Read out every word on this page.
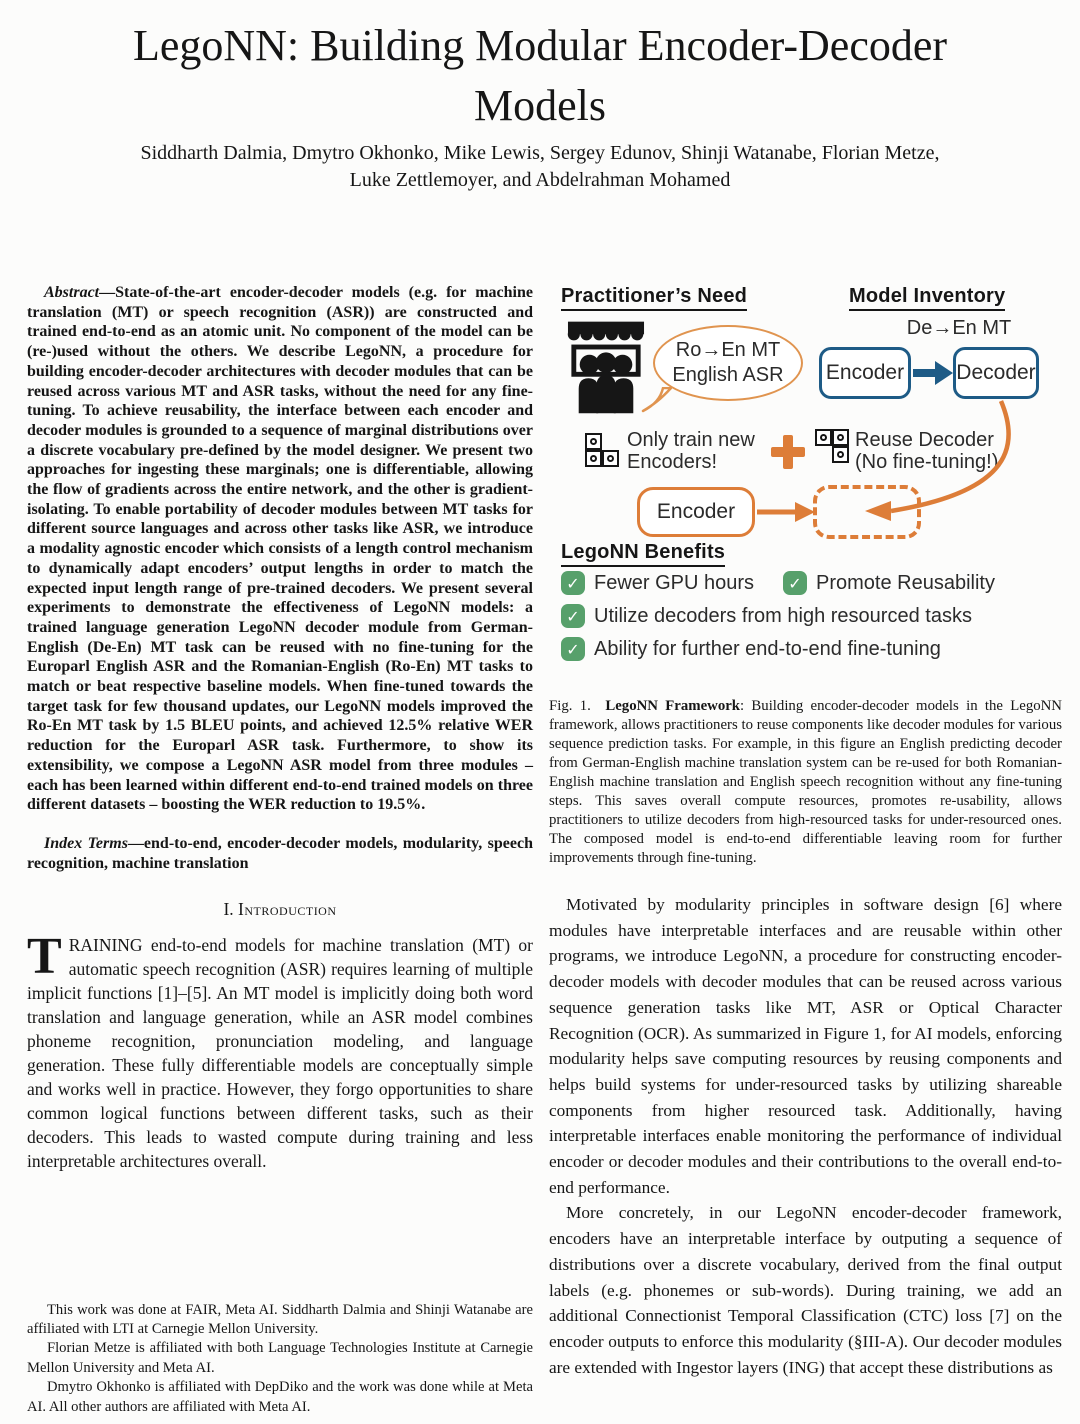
LegoNN: Building Modular Encoder-Decoder
Models
Siddharth Dalmia, Dmytro Okhonko, Mike Lewis, Sergey Edunov, Shinji Watanabe, Florian Metze,
Luke Zettlemoyer, and Abdelrahman Mohamed

Abstract—State-of-the-art encoder-decoder models (e.g. for machine translation (MT) or speech recognition (ASR)) are constructed and trained end-to-end as an atomic unit. No component of the model can be (re-)used without the others. We describe LegoNN, a procedure for building encoder-decoder architectures with decoder modules that can be reused across various MT and ASR tasks, without the need for any fine-tuning. To achieve reusability, the interface between each encoder and decoder modules is grounded to a sequence of marginal distributions over a discrete vocabulary pre-defined by the model designer. We present two approaches for ingesting these marginals; one is differentiable, allowing the flow of gradients across the entire network, and the other is gradient-isolating. To enable portability of decoder modules between MT tasks for different source languages and across other tasks like ASR, we introduce a modality agnostic encoder which consists of a length control mechanism to dynamically adapt encoders’ output lengths in order to match the expected input length range of pre-trained decoders. We present several experiments to demonstrate the effectiveness of LegoNN models: a trained language generation LegoNN decoder module from German-English (De-En) MT task can be reused with no fine-tuning for the Europarl English ASR and the Romanian-English (Ro-En) MT tasks to match or beat respective baseline models. When fine-tuned towards the target task for few thousand updates, our LegoNN models improved the Ro-En MT task by 1.5 BLEU points, and achieved 12.5% relative WER reduction for the Europarl ASR task. Furthermore, to show its extensibility, we compose a LegoNN ASR model from three modules – each has been learned within different end-to-end trained models on three different datasets – boosting the WER reduction to 19.5%.

Index Terms—end-to-end, encoder-decoder models, modularity, speech recognition, machine translation

I. Introduction

TRAINING end-to-end models for machine translation (MT) or automatic speech recognition (ASR) requires learning of multiple implicit functions [1]–[5]. An MT model is implicitly doing both word translation and language generation, while an ASR model combines phoneme recognition, pronunciation modeling, and language generation. These fully differentiable models are conceptually simple and works well in practice. However, they forgo opportunities to share common logical functions between different tasks, such as their decoders. This leads to wasted compute during training and less interpretable architectures overall.

This work was done at FAIR, Meta AI. Siddharth Dalmia and Shinji Watanabe are affiliated with LTI at Carnegie Mellon University.

Florian Metze is affiliated with both Language Technologies Institute at Carnegie Mellon University and Meta AI.

Dmytro Okhonko is affiliated with DepDiko and the work was done while at Meta AI. All other authors are affiliated with Meta AI.

Practitioner’s Need	Model Inventory
Ro→En MT
English ASR
De→En MT
Encoder	Decoder
Only train new
Encoders!
Reuse Decoder
(No fine-tuning!)
Encoder
LegoNN Benefits
✓ Fewer GPU hours	✓ Promote Reusability
✓ Utilize decoders from high resourced tasks
✓ Ability for further end-to-end fine-tuning

Fig. 1. LegoNN Framework: Building encoder-decoder models in the LegoNN framework, allows practitioners to reuse components like decoder modules for various sequence prediction tasks. For example, in this figure an English predicting decoder from German-English machine translation system can be re-used for both Romanian-English machine translation and English speech recognition without any fine-tuning steps. This saves overall compute resources, promotes re-usability, allows practitioners to utilize decoders from high-resourced tasks for under-resourced ones. The composed model is end-to-end differentiable leaving room for further improvements through fine-tuning.

Motivated by modularity principles in software design [6] where modules have interpretable interfaces and are reusable within other programs, we introduce LegoNN, a procedure for constructing encoder-decoder models with decoder modules that can be reused across various sequence generation tasks like MT, ASR or Optical Character Recognition (OCR). As summarized in Figure 1, for AI models, enforcing modularity helps save computing resources by reusing components and helps build systems for under-resourced tasks by utilizing shareable components from higher resourced task. Additionally, having interpretable interfaces enable monitoring the performance of individual encoder or decoder modules and their contributions to the overall end-to-end performance.

More concretely, in our LegoNN encoder-decoder framework, encoders have an interpretable interface by outputing a sequence of distributions over a discrete vocabulary, derived from the final output labels (e.g. phonemes or sub-words). During training, we add an additional Connectionist Temporal Classification (CTC) loss [7] on the encoder outputs to enforce this modularity (§III-A). Our decoder modules are extended with Ingestor layers (ING) that accept these distributions as
